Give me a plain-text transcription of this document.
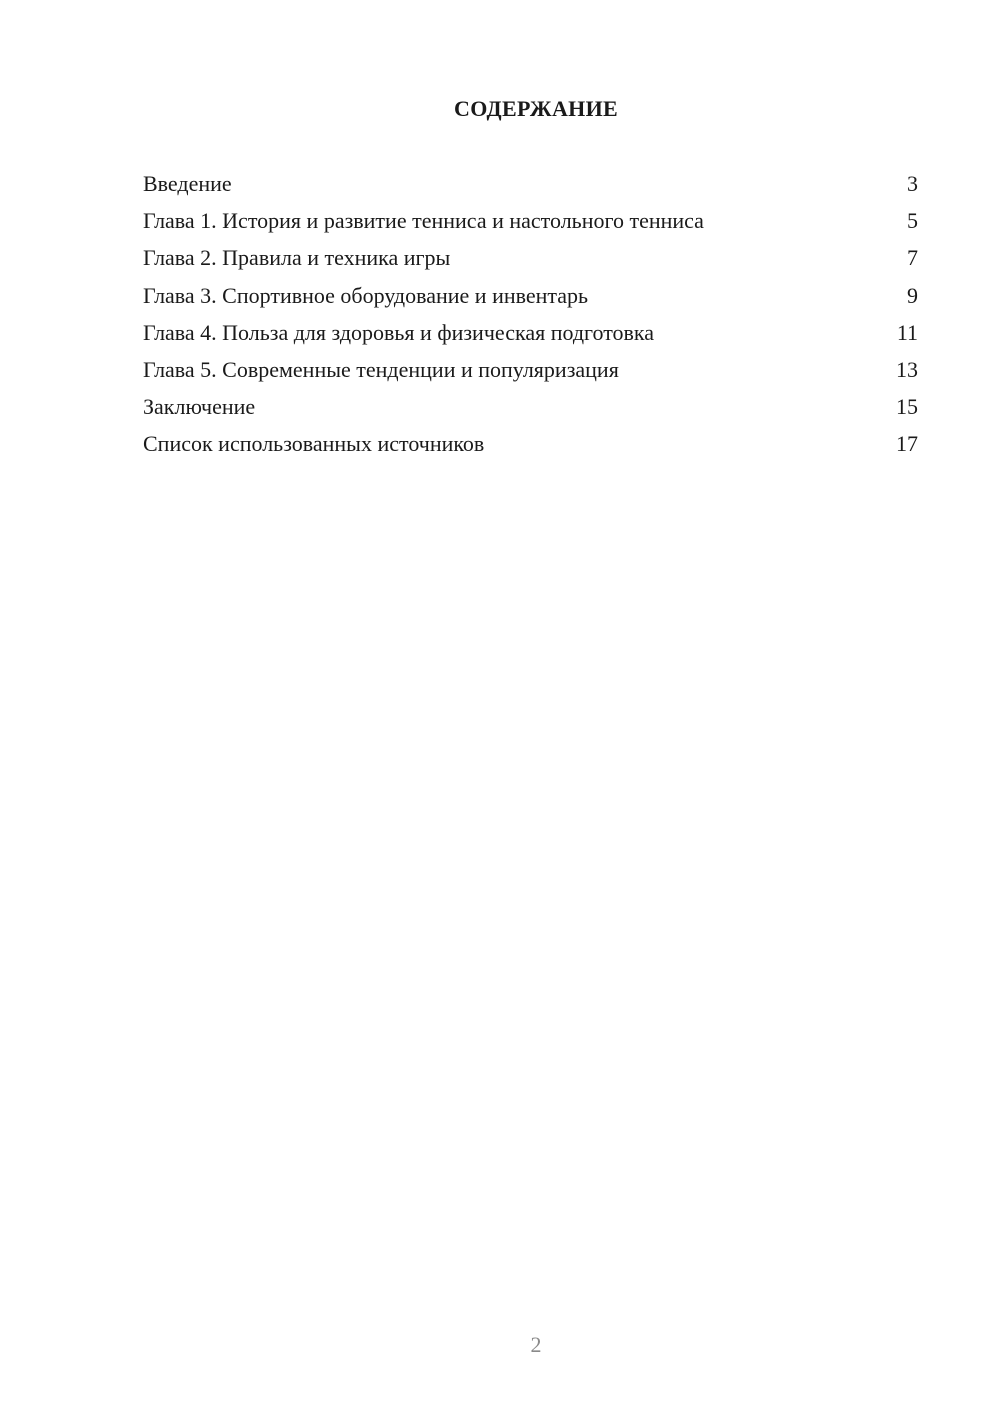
СОДЕРЖАНИЕ
Введение	3
Глава 1. История и развитие тенниса и настольного тенниса	5
Глава 2. Правила и техника игры	7
Глава 3. Спортивное оборудование и инвентарь	9
Глава 4. Польза для здоровья и физическая подготовка	11
Глава 5. Современные тенденции и популяризация	13
Заключение	15
Список использованных источников	17
2
